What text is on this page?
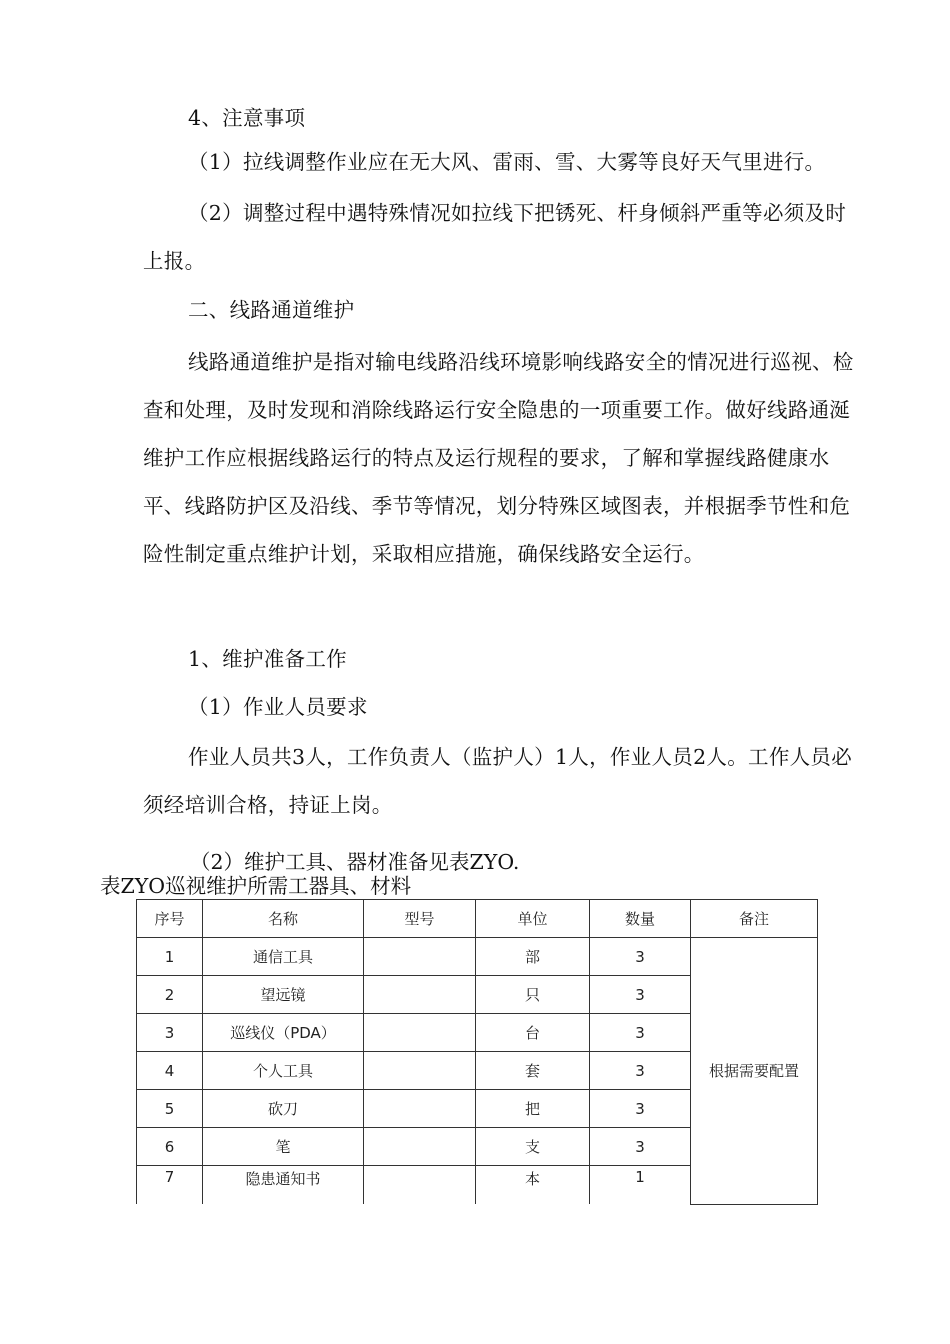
4、注意事项

（1）拉线调整作业应在无大风、雷雨、雪、大雾等良好天气里进行。

（2）调整过程中遇特殊情况如拉线下把锈死、杆身倾斜严重等必须及时上报。

二、线路通道维护

线路通道维护是指对输电线路沿线环境影响线路安全的情况进行巡视、检查和处理，及时发现和消除线路运行安全隐患的一项重要工作。做好线路通涎维护工作应根据线路运行的特点及运行规程的要求，了解和掌握线路健康水平、线路防护区及沿线、季节等情况，划分特殊区域图表，并根据季节性和危险性制定重点维护计划，采取相应措施，确保线路安全运行。

1、维护准备工作

（1）作业人员要求

作业人员共3人，工作负责人（监护人）1人，作业人员2人。工作人员必须经培训合格，持证上岗。

（2）维护工具、器材准备见表ZYO.

表ZYO巡视维护所需工器具、材料

序号	名称	型号	单位	数量	备注
1	通信工具		部	3	根据需要配置
2	望远镜		只	3	
3	巡线仪（PDA）		台	3	
4	个人工具		套	3	
5	砍刀		把	3	
6	笔		支	3	
7	隐患通知书		本	1	
